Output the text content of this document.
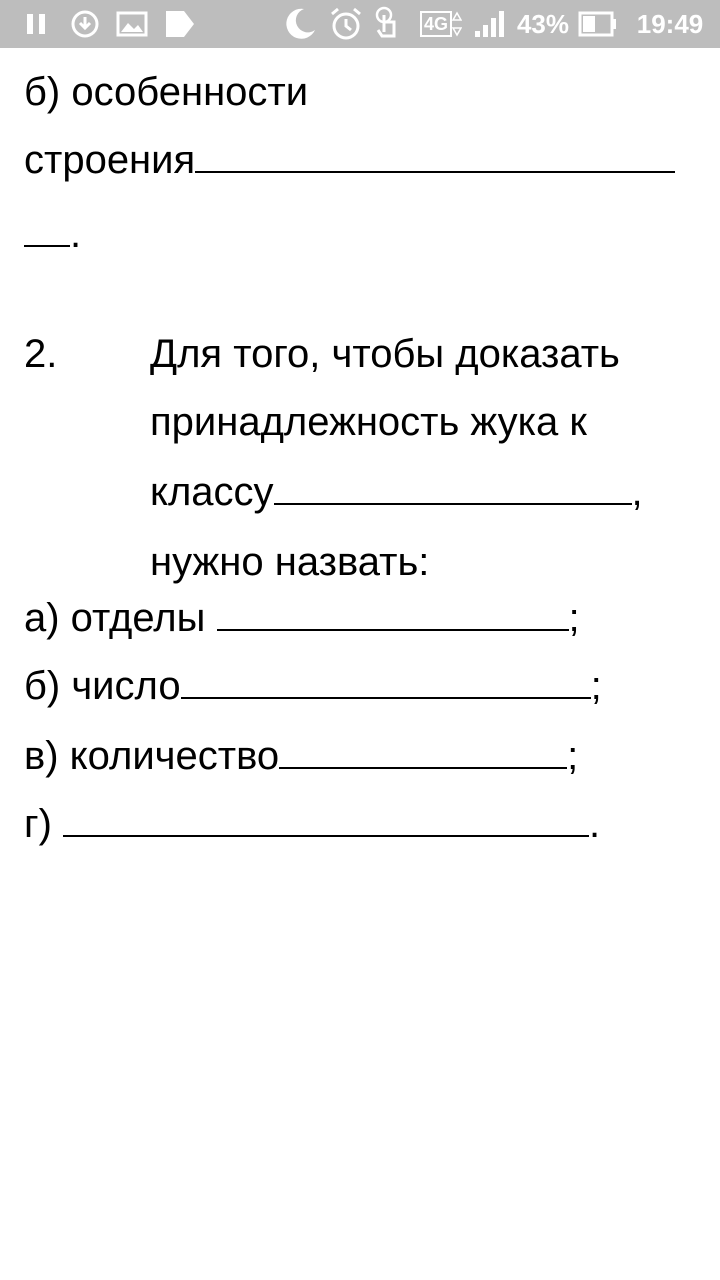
4G	43%	19:49
б) особенности
строения
.
2. Для того, чтобы доказать
принадлежность жука к
классу	,
нужно назвать:
а) отделы	;
б) число	;
в) количество	;
г)	.
